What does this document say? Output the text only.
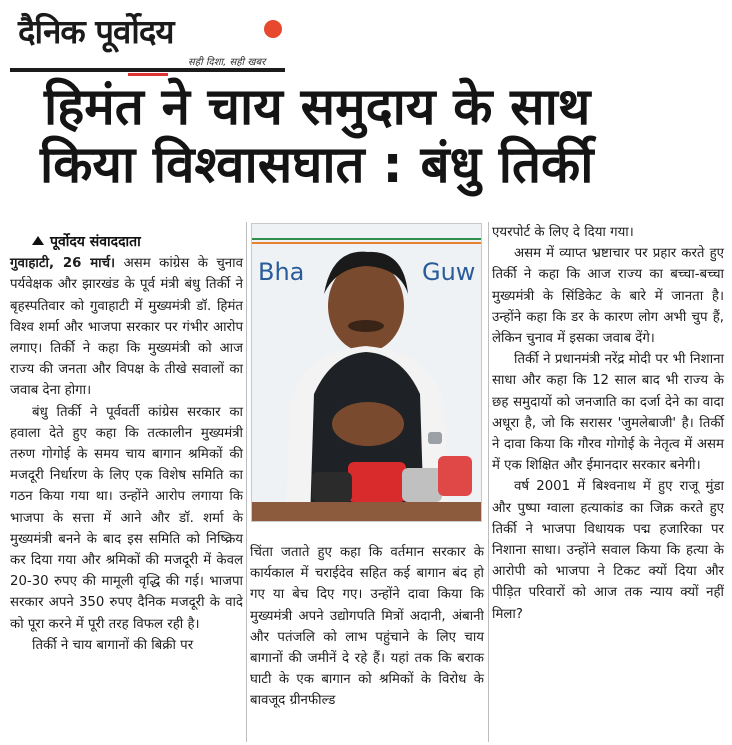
दैनिक पूर्वोदय
सही दिशा, सही खबर
हिमंत ने चाय समुदाय के साथ
किया विश्वासघात : बंधु तिर्की

पूर्वोदय संवाददाता

गुवाहाटी, 26 मार्च। असम कांग्रेस के चुनाव पर्यवेक्षक और झारखंड के पूर्व मंत्री बंधु तिर्की ने बृहस्पतिवार को गुवाहाटी में मुख्यमंत्री डॉ. हिमंत विश्व शर्मा और भाजपा सरकार पर गंभीर आरोप लगाए। तिर्की ने कहा कि मुख्यमंत्री को आज राज्य की जनता और विपक्ष के तीखे सवालों का जवाब देना होगा।

बंधु तिर्की ने पूर्ववर्ती कांग्रेस सरकार का हवाला देते हुए कहा कि तत्कालीन मुख्यमंत्री तरुण गोगोई के समय चाय बागान श्रमिकों की मजदूरी निर्धारण के लिए एक विशेष समिति का गठन किया गया था। उन्होंने आरोप लगाया कि भाजपा के सत्ता में आने और डॉ. शर्मा के मुख्यमंत्री बनने के बाद इस समिति को निष्क्रिय कर दिया गया और श्रमिकों की मजदूरी में केवल 20-30 रुपए की मामूली वृद्धि की गई। भाजपा सरकार अपने 350 रुपए दैनिक मजदूरी के वादे को पूरा करने में पूरी तरह विफल रही है।

तिर्की ने चाय बागानों की बिक्री पर

Bha	Guw

चिंता जताते हुए कहा कि वर्तमान सरकार के कार्यकाल में चराईदेव सहित कई बागान बंद हो गए या बेच दिए गए। उन्होंने दावा किया कि मुख्यमंत्री अपने उद्योगपति मित्रों अदानी, अंबानी और पतंजलि को लाभ पहुंचाने के लिए चाय बागानों की जमीनें दे रहे हैं। यहां तक कि बराक घाटी के एक बागान को श्रमिकों के विरोध के बावजूद ग्रीनफील्ड

एयरपोर्ट के लिए दे दिया गया।

असम में व्याप्त भ्रष्टाचार पर प्रहार करते हुए तिर्की ने कहा कि आज राज्य का बच्चा-बच्चा मुख्यमंत्री के सिंडिकेट के बारे में जानता है। उन्होंने कहा कि डर के कारण लोग अभी चुप हैं, लेकिन चुनाव में इसका जवाब देंगे।

तिर्की ने प्रधानमंत्री नरेंद्र मोदी पर भी निशाना साधा और कहा कि 12 साल बाद भी राज्य के छह समुदायों को जनजाति का दर्जा देने का वादा अधूरा है, जो कि सरासर 'जुमलेबाजी' है। तिर्की ने दावा किया कि गौरव गोगोई के नेतृत्व में असम में एक शिक्षित और ईमानदार सरकार बनेगी।

वर्ष 2001 में बिश्वनाथ में हुए राजू मुंडा और पुष्पा ग्वाला हत्याकांड का जिक्र करते हुए तिर्की ने भाजपा विधायक पद्म हजारिका पर निशाना साधा। उन्होंने सवाल किया कि हत्या के आरोपी को भाजपा ने टिकट क्यों दिया और पीड़ित परिवारों को आज तक न्याय क्यों नहीं मिला?
